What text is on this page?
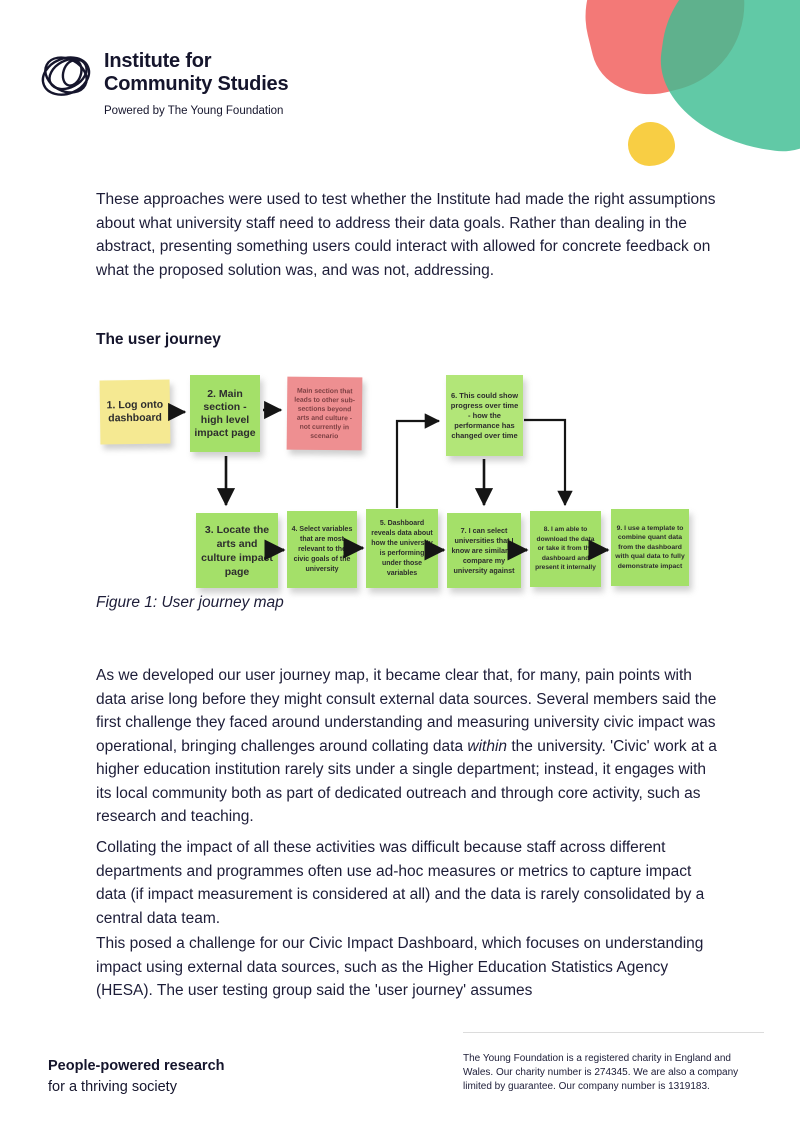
Institute for
Community Studies
Powered by The Young Foundation
These approaches were used to test whether the Institute had made the right assumptions about what university staff need to address their data goals. Rather than dealing in the abstract, presenting something users could interact with allowed for concrete feedback on what the proposed solution was, and was not, addressing.
The user journey
1. Log onto dashboard
2. Main section - high level impact page
Main section that leads to other sub-sections beyond arts and culture - not currently in scenario
6. This could show progress over time - how the performance has changed over time
3. Locate the arts and culture impact page
4. Select variables that are most relevant to the civic goals of the university
5. Dashboard reveals data about how the university is performing under those variables
7. I can select universities that I know are similar to compare my university against
8. I am able to download the data or take it from the dashboard and present it internally
9. I use a template to combine quant data from the dashboard with qual data to fully demonstrate impact
Figure 1: User journey map
As we developed our user journey map, it became clear that, for many, pain points with data arise long before they might consult external data sources. Several members said the first challenge they faced around understanding and measuring university civic impact was operational, bringing challenges around collating data within the university. 'Civic' work at a higher education institution rarely sits under a single department; instead, it engages with its local community both as part of dedicated outreach and through core activity, such as research and teaching.
Collating the impact of all these activities was difficult because staff across different departments and programmes often use ad-hoc measures or metrics to capture impact data (if impact measurement is considered at all) and the data is rarely consolidated by a central data team.
This posed a challenge for our Civic Impact Dashboard, which focuses on understanding impact using external data sources, such as the Higher Education Statistics Agency (HESA). The user testing group said the 'user journey' assumes
People-powered research
for a thriving society
The Young Foundation is a registered charity in England and Wales. Our charity number is 274345. We are also a company limited by guarantee. Our company number is 1319183.
